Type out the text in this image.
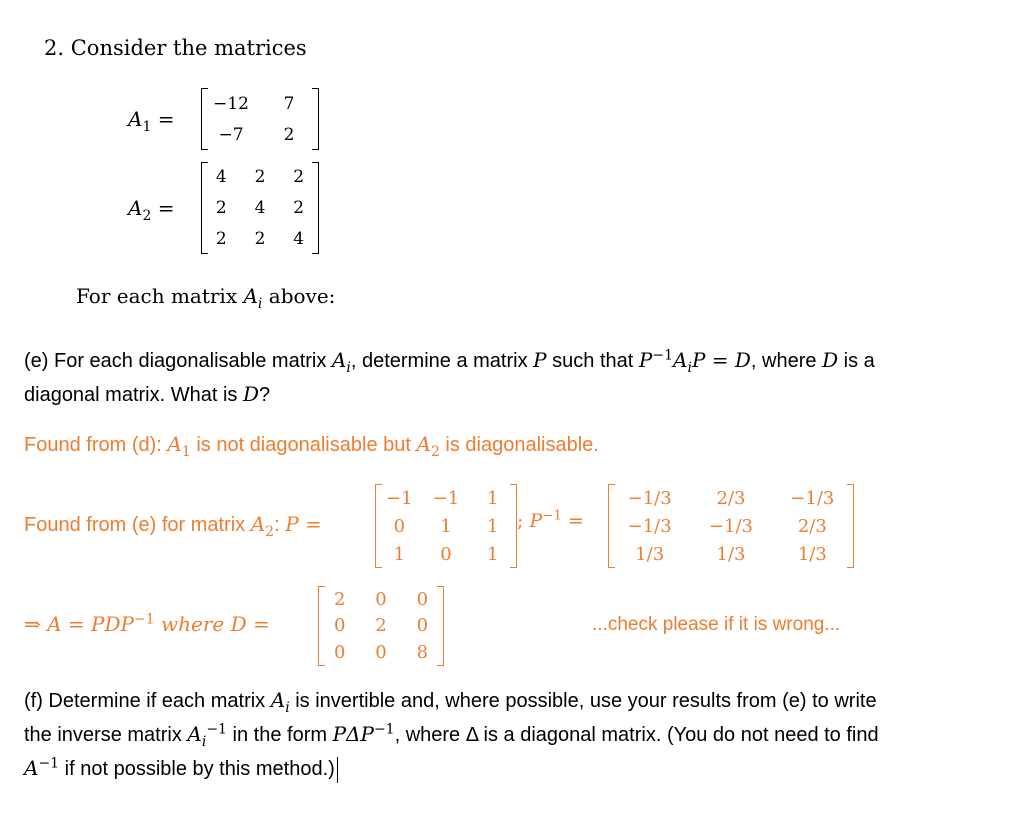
2. Consider the matrices
$A_1$ =
−12 7
−7 2
$A_2$ =
4 2 2
2 4 2
2 2 4
For each matrix $A_i$ above:
(e) For each diagonalisable matrix $A_i$, determine a matrix P such that $P^{-1}A_iP = D$, where D is a
diagonal matrix. What is D?
Found from (d): $A_1$ is not diagonalisable but $A_2$ is diagonalisable.
Found from (e) for matrix $A_2$: P =
−1 −1 1
0 1 1
1 0 1
; $P^{-1}$ =
−1/3 2/3 −1/3
−1/3 −1/3 2/3
1/3	1/3	1/3
⇒ $A = PDP^{-1}$ where D =
2 0 0
0 2 0
0 0 8
...check please if it is wrong...
(f) Determine if each matrix $A_i$ is invertible and, where possible, use your results from (e) to write
the inverse matrix $A_i^{-1}$ in the form $P\Delta P^{-1}$, where Δ is a diagonal matrix. (You do not need to find
$A^{-1}$ if not possible by this method.)
